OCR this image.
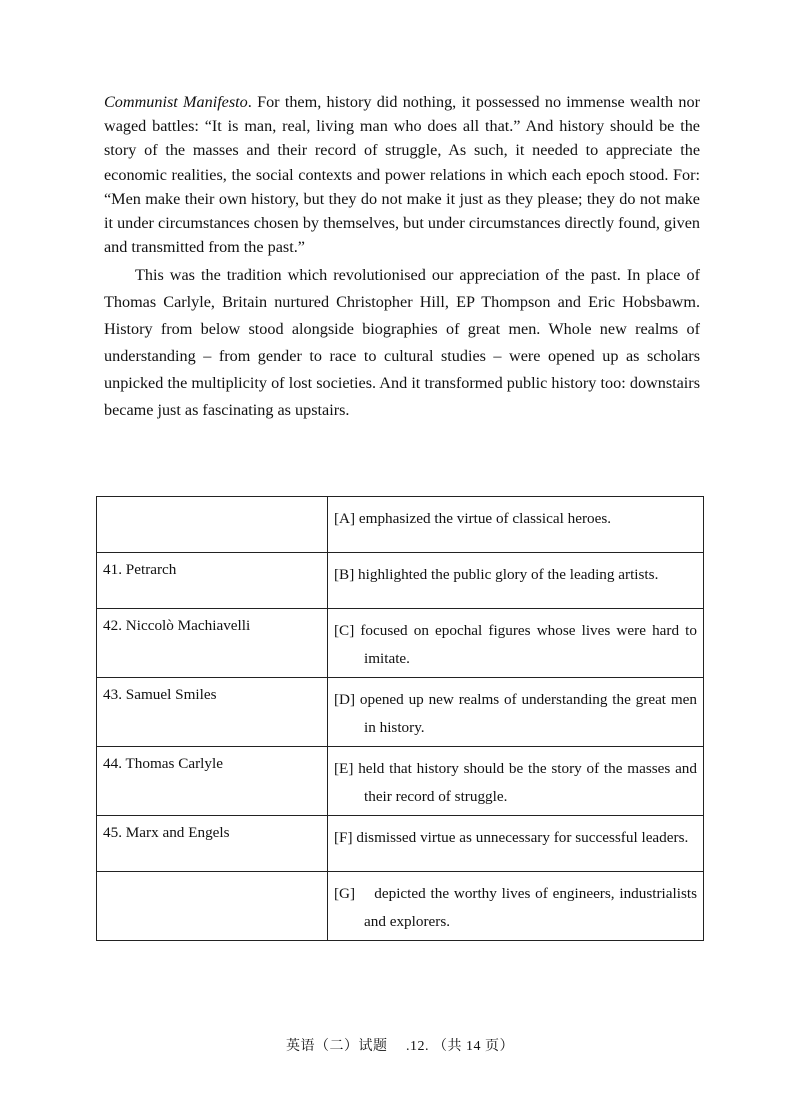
Communist Manifesto. For them, history did nothing, it possessed no immense wealth nor waged battles: “It is man, real, living man who does all that.” And history should be the story of the masses and their record of struggle, As such, it needed to appreciate the economic realities, the social contexts and power relations in which each epoch stood. For: “Men make their own history, but they do not make it just as they please; they do not make it under circumstances chosen by themselves, but under circumstances directly found, given and transmitted from the past.”

This was the tradition which revolutionised our appreciation of the past. In place of Thomas Carlyle, Britain nurtured Christopher Hill, EP Thompson and Eric Hobsbawm. History from below stood alongside biographies of great men. Whole new realms of understanding – from gender to race to cultural studies – were opened up as scholars unpicked the multiplicity of lost societies. And it transformed public history too: downstairs became just as fascinating as upstairs.

	[A] emphasized the virtue of classical heroes.

41. Petrarch	[B] highlighted the public glory of the leading artists.

42. Niccolò Machiavelli	[C] focused on epochal figures whose lives were hard to imitate.

43. Samuel Smiles	[D] opened up new realms of understanding the great men in history.

44. Thomas Carlyle	[E] held that history should be the story of the masses and their record of struggle.

45. Marx and Engels	[F] dismissed virtue as unnecessary for successful leaders.

	[G] depicted the worthy lives of engineers, industrialists and explorers.
英语（二）试题　 .12. （共 14 页）
